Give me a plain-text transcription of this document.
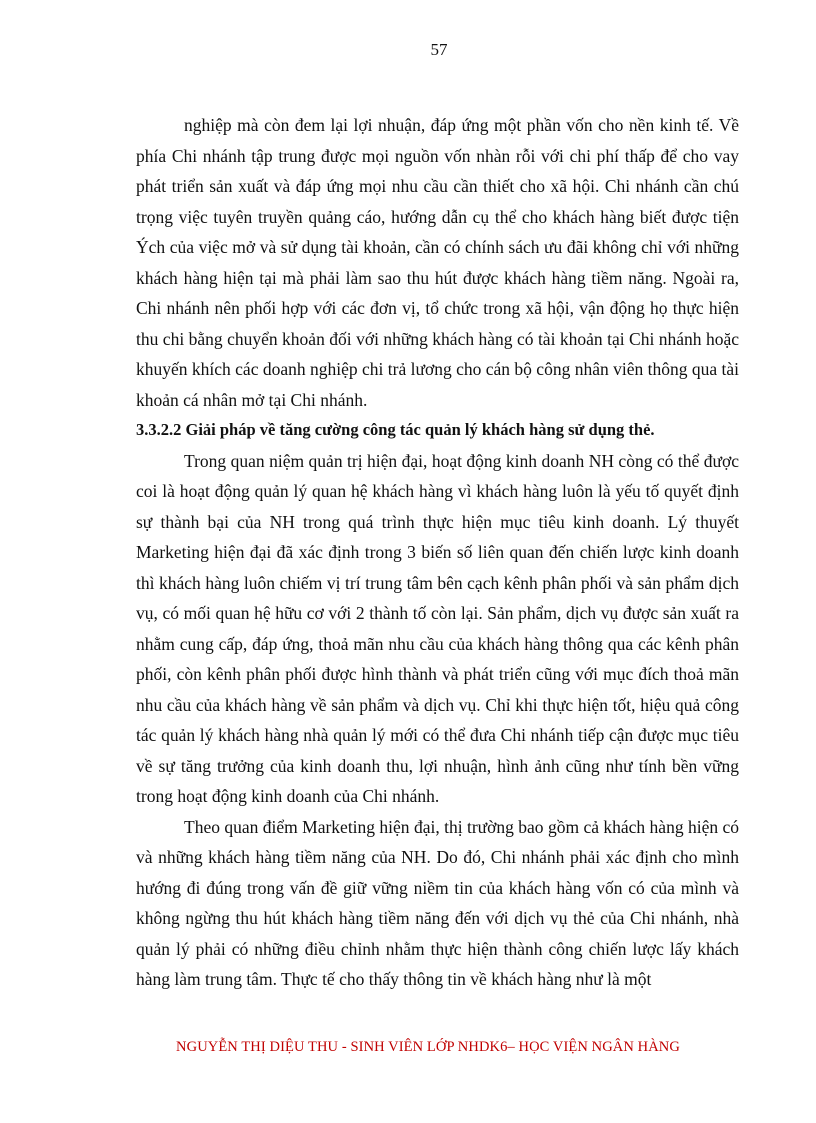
57

nghiệp mà còn đem lại lợi nhuận, đáp ứng một phần vốn cho nền kinh tế. Về phía Chi nhánh tập trung được mọi nguồn vốn nhàn rỗi với chi phí thấp để cho vay phát triển sản xuất và đáp ứng mọi nhu cầu cần thiết cho xã hội. Chi nhánh cần chú trọng việc tuyên truyền quảng cáo, hướng dẫn cụ thể cho khách hàng biết được tiện Ých của việc mở và sử dụng tài khoản, cần có chính sách ưu đãi không chỉ với những khách hàng hiện tại mà phải làm sao thu hút được khách hàng tiềm năng. Ngoài ra, Chi nhánh nên phối hợp với các đơn vị, tổ chức trong xã hội, vận động họ thực hiện thu chi bằng chuyển khoản đối với những khách hàng có tài khoản tại Chi nhánh hoặc khuyến khích các doanh nghiệp chi trả lương cho cán bộ công nhân viên thông qua tài khoản cá nhân mở tại Chi nhánh.

3.3.2.2 Giải pháp về tăng cường công tác quản lý khách hàng sử dụng thẻ.

Trong quan niệm quản trị hiện đại, hoạt động kinh doanh NH còng có thể được coi là hoạt động quản lý quan hệ khách hàng vì khách hàng luôn là yếu tố quyết định sự thành bại của NH trong quá trình thực hiện mục tiêu kinh doanh. Lý thuyết Marketing hiện đại đã xác định trong 3 biến số liên quan đến chiến lược kinh doanh thì khách hàng luôn chiếm vị trí trung tâm bên cạch kênh phân phối và sản phẩm dịch vụ, có mối quan hệ hữu cơ với 2 thành tố còn lại. Sản phẩm, dịch vụ được sản xuất ra nhằm cung cấp, đáp ứng, thoả mãn nhu cầu của khách hàng thông qua các kênh phân phối, còn kênh phân phối được hình thành và phát triển cũng với mục đích thoả mãn nhu cầu của khách hàng về sản phẩm và dịch vụ. Chỉ khi thực hiện tốt, hiệu quả công tác quản lý khách hàng nhà quản lý mới có thể đưa Chi nhánh tiếp cận được mục tiêu về sự tăng trưởng của kinh doanh thu, lợi nhuận, hình ảnh cũng như tính bền vững trong hoạt động kinh doanh của Chi nhánh.

Theo quan điểm Marketing hiện đại, thị trường bao gồm cả khách hàng hiện có và những khách hàng tiềm năng của NH. Do đó, Chi nhánh phải xác định cho mình hướng đi đúng trong vấn đề giữ vững niềm tin của khách hàng vốn có của mình và không ngừng thu hút khách hàng tiềm năng đến với dịch vụ thẻ của Chi nhánh, nhà quản lý phải có những điều chỉnh nhằm thực hiện thành công chiến lược lấy khách hàng làm trung tâm. Thực tế cho thấy thông tin về khách hàng như là một

NGUYỄN THỊ DIỆU THU - SINH VIÊN LỚP NHDK6– HỌC VIỆN NGÂN HÀNG
